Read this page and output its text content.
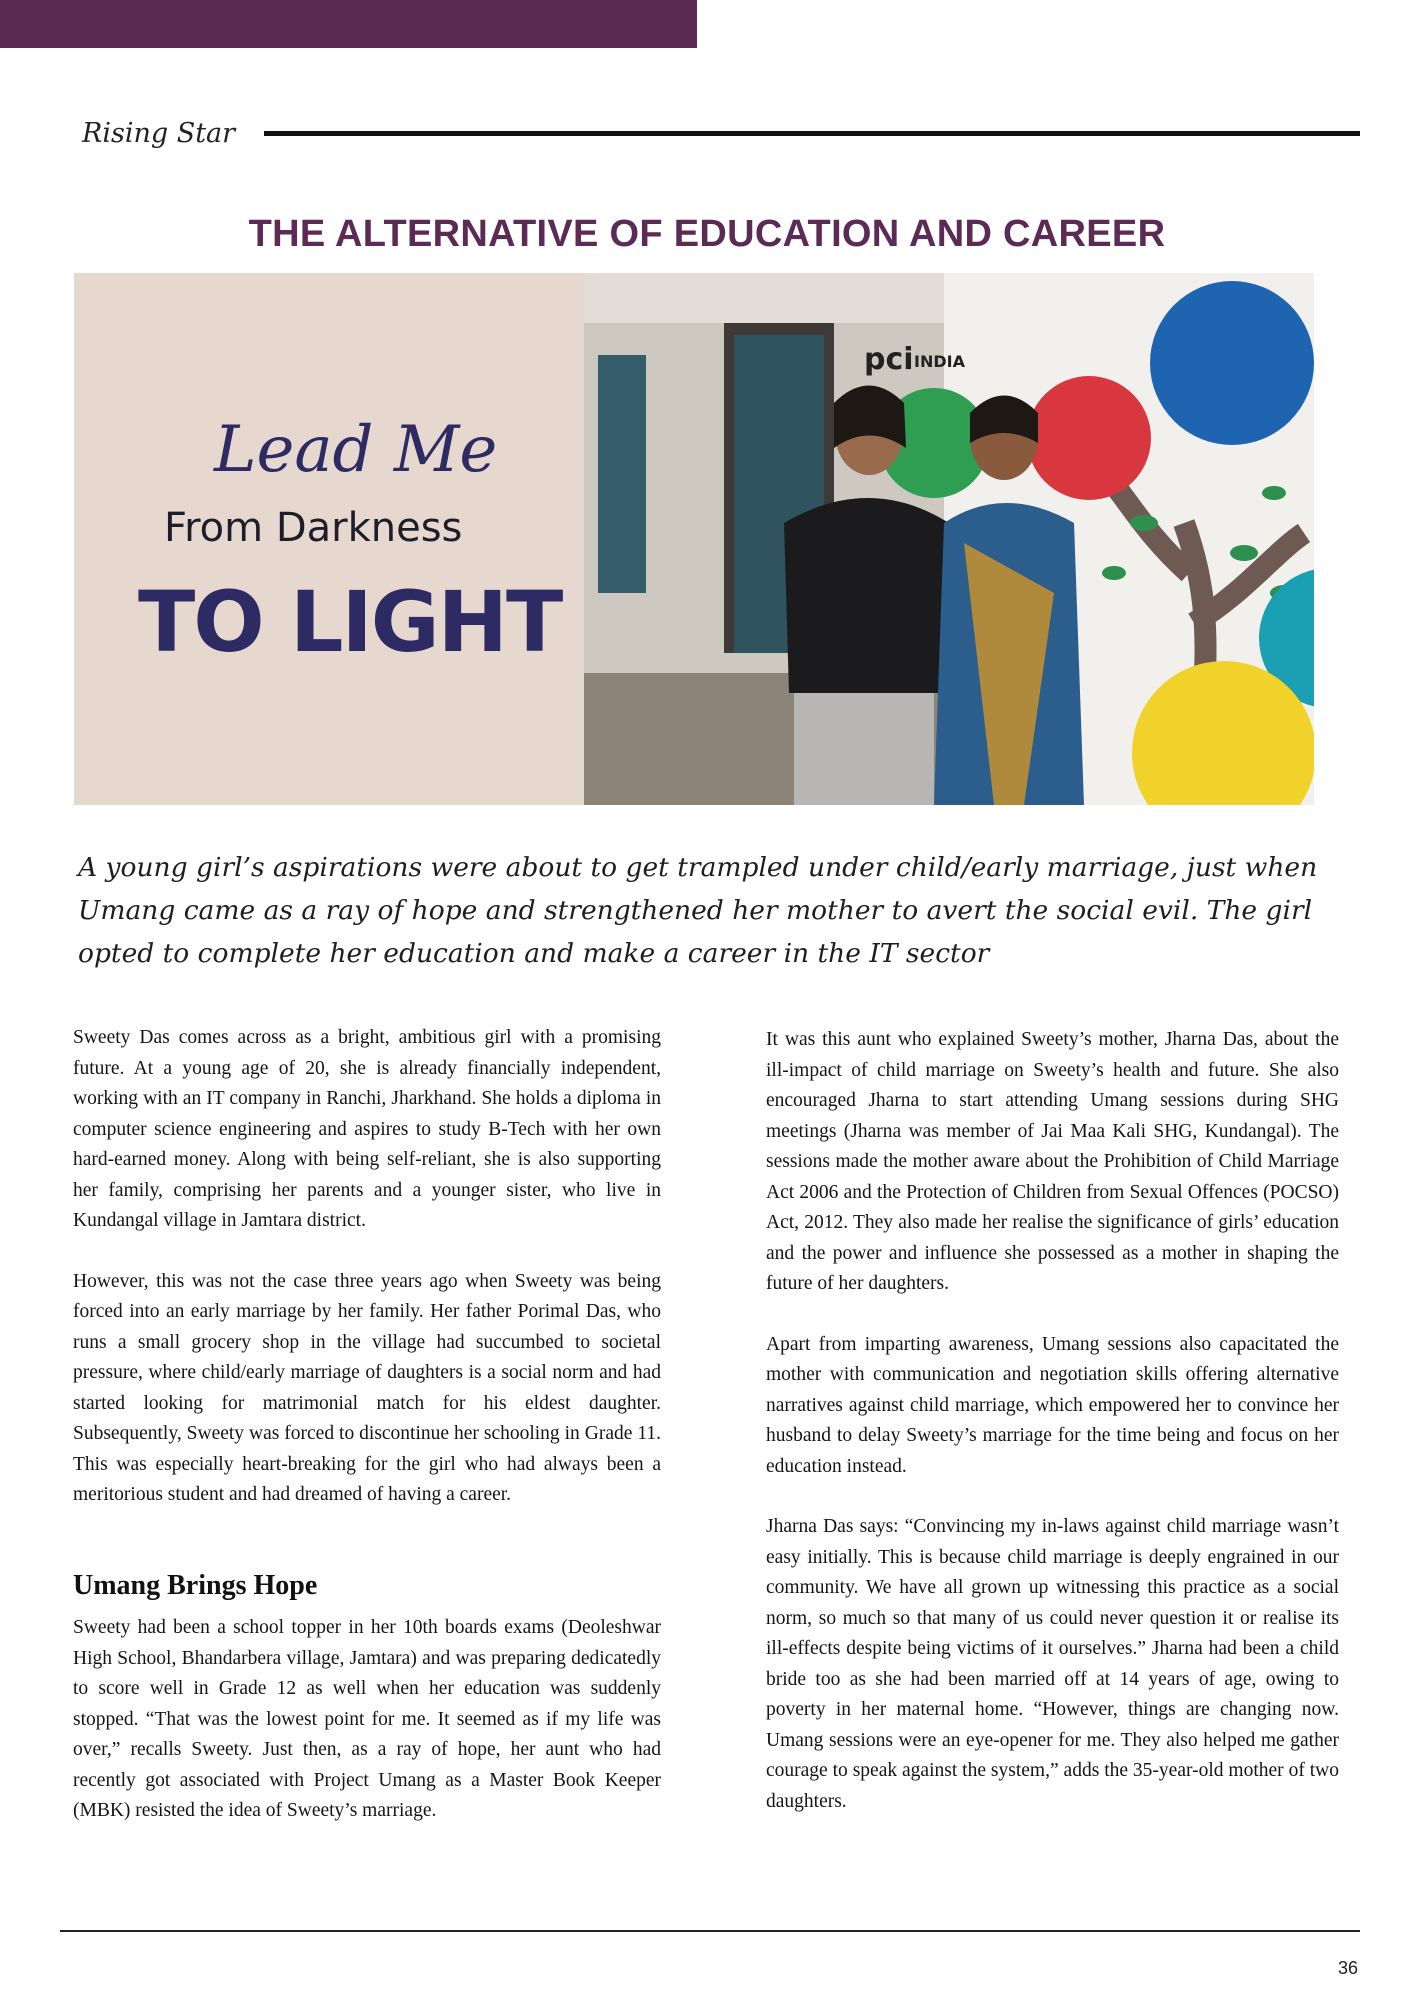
Rising Star
THE ALTERNATIVE OF EDUCATION AND CAREER
Lead Me
From Darkness
TO LIGHT
pci INDIA
A young girl’s aspirations were about to get trampled under child/early marriage, just when Umang came as a ray of hope and strengthened her mother to avert the social evil. The girl opted to complete her education and make a career in the IT sector

Sweety Das comes across as a bright, ambitious girl with a promising future. At a young age of 20, she is already financially independent, working with an IT company in Ranchi, Jharkhand. She holds a diploma in computer science engineering and aspires to study B-Tech with her own hard-earned money. Along with being self-reliant, she is also supporting her family, comprising her parents and a younger sister, who live in Kundangal village in Jamtara district.

However, this was not the case three years ago when Sweety was being forced into an early marriage by her family. Her father Porimal Das, who runs a small grocery shop in the village had succumbed to societal pressure, where child/early marriage of daughters is a social norm and had started looking for matrimonial match for his eldest daughter. Subsequently, Sweety was forced to discontinue her schooling in Grade 11. This was especially heart-breaking for the girl who had always been a meritorious student and had dreamed of having a career.

Umang Brings Hope

Sweety had been a school topper in her 10th boards exams (Deoleshwar High School, Bhandarbera village, Jamtara) and was preparing dedicatedly to score well in Grade 12 as well when her education was suddenly stopped. “That was the lowest point for me. It seemed as if my life was over,” recalls Sweety. Just then, as a ray of hope, her aunt who had recently got associated with Project Umang as a Master Book Keeper (MBK) resisted the idea of Sweety’s marriage.

It was this aunt who explained Sweety’s mother, Jharna Das, about the ill-impact of child marriage on Sweety’s health and future. She also encouraged Jharna to start attending Umang sessions during SHG meetings (Jharna was member of Jai Maa Kali SHG, Kundangal). The sessions made the mother aware about the Prohibition of Child Marriage Act 2006 and the Protection of Children from Sexual Offences (POCSO) Act, 2012. They also made her realise the significance of girls’ education and the power and influence she possessed as a mother in shaping the future of her daughters.

Apart from imparting awareness, Umang sessions also capacitated the mother with communication and negotiation skills offering alternative narratives against child marriage, which empowered her to convince her husband to delay Sweety’s marriage for the time being and focus on her education instead.

Jharna Das says: “Convincing my in-laws against child marriage wasn’t easy initially. This is because child marriage is deeply engrained in our community. We have all grown up witnessing this practice as a social norm, so much so that many of us could never question it or realise its ill-effects despite being victims of it ourselves.” Jharna had been a child bride too as she had been married off at 14 years of age, owing to poverty in her maternal home. “However, things are changing now. Umang sessions were an eye-opener for me. They also helped me gather courage to speak against the system,” adds the 35-year-old mother of two daughters.

36
